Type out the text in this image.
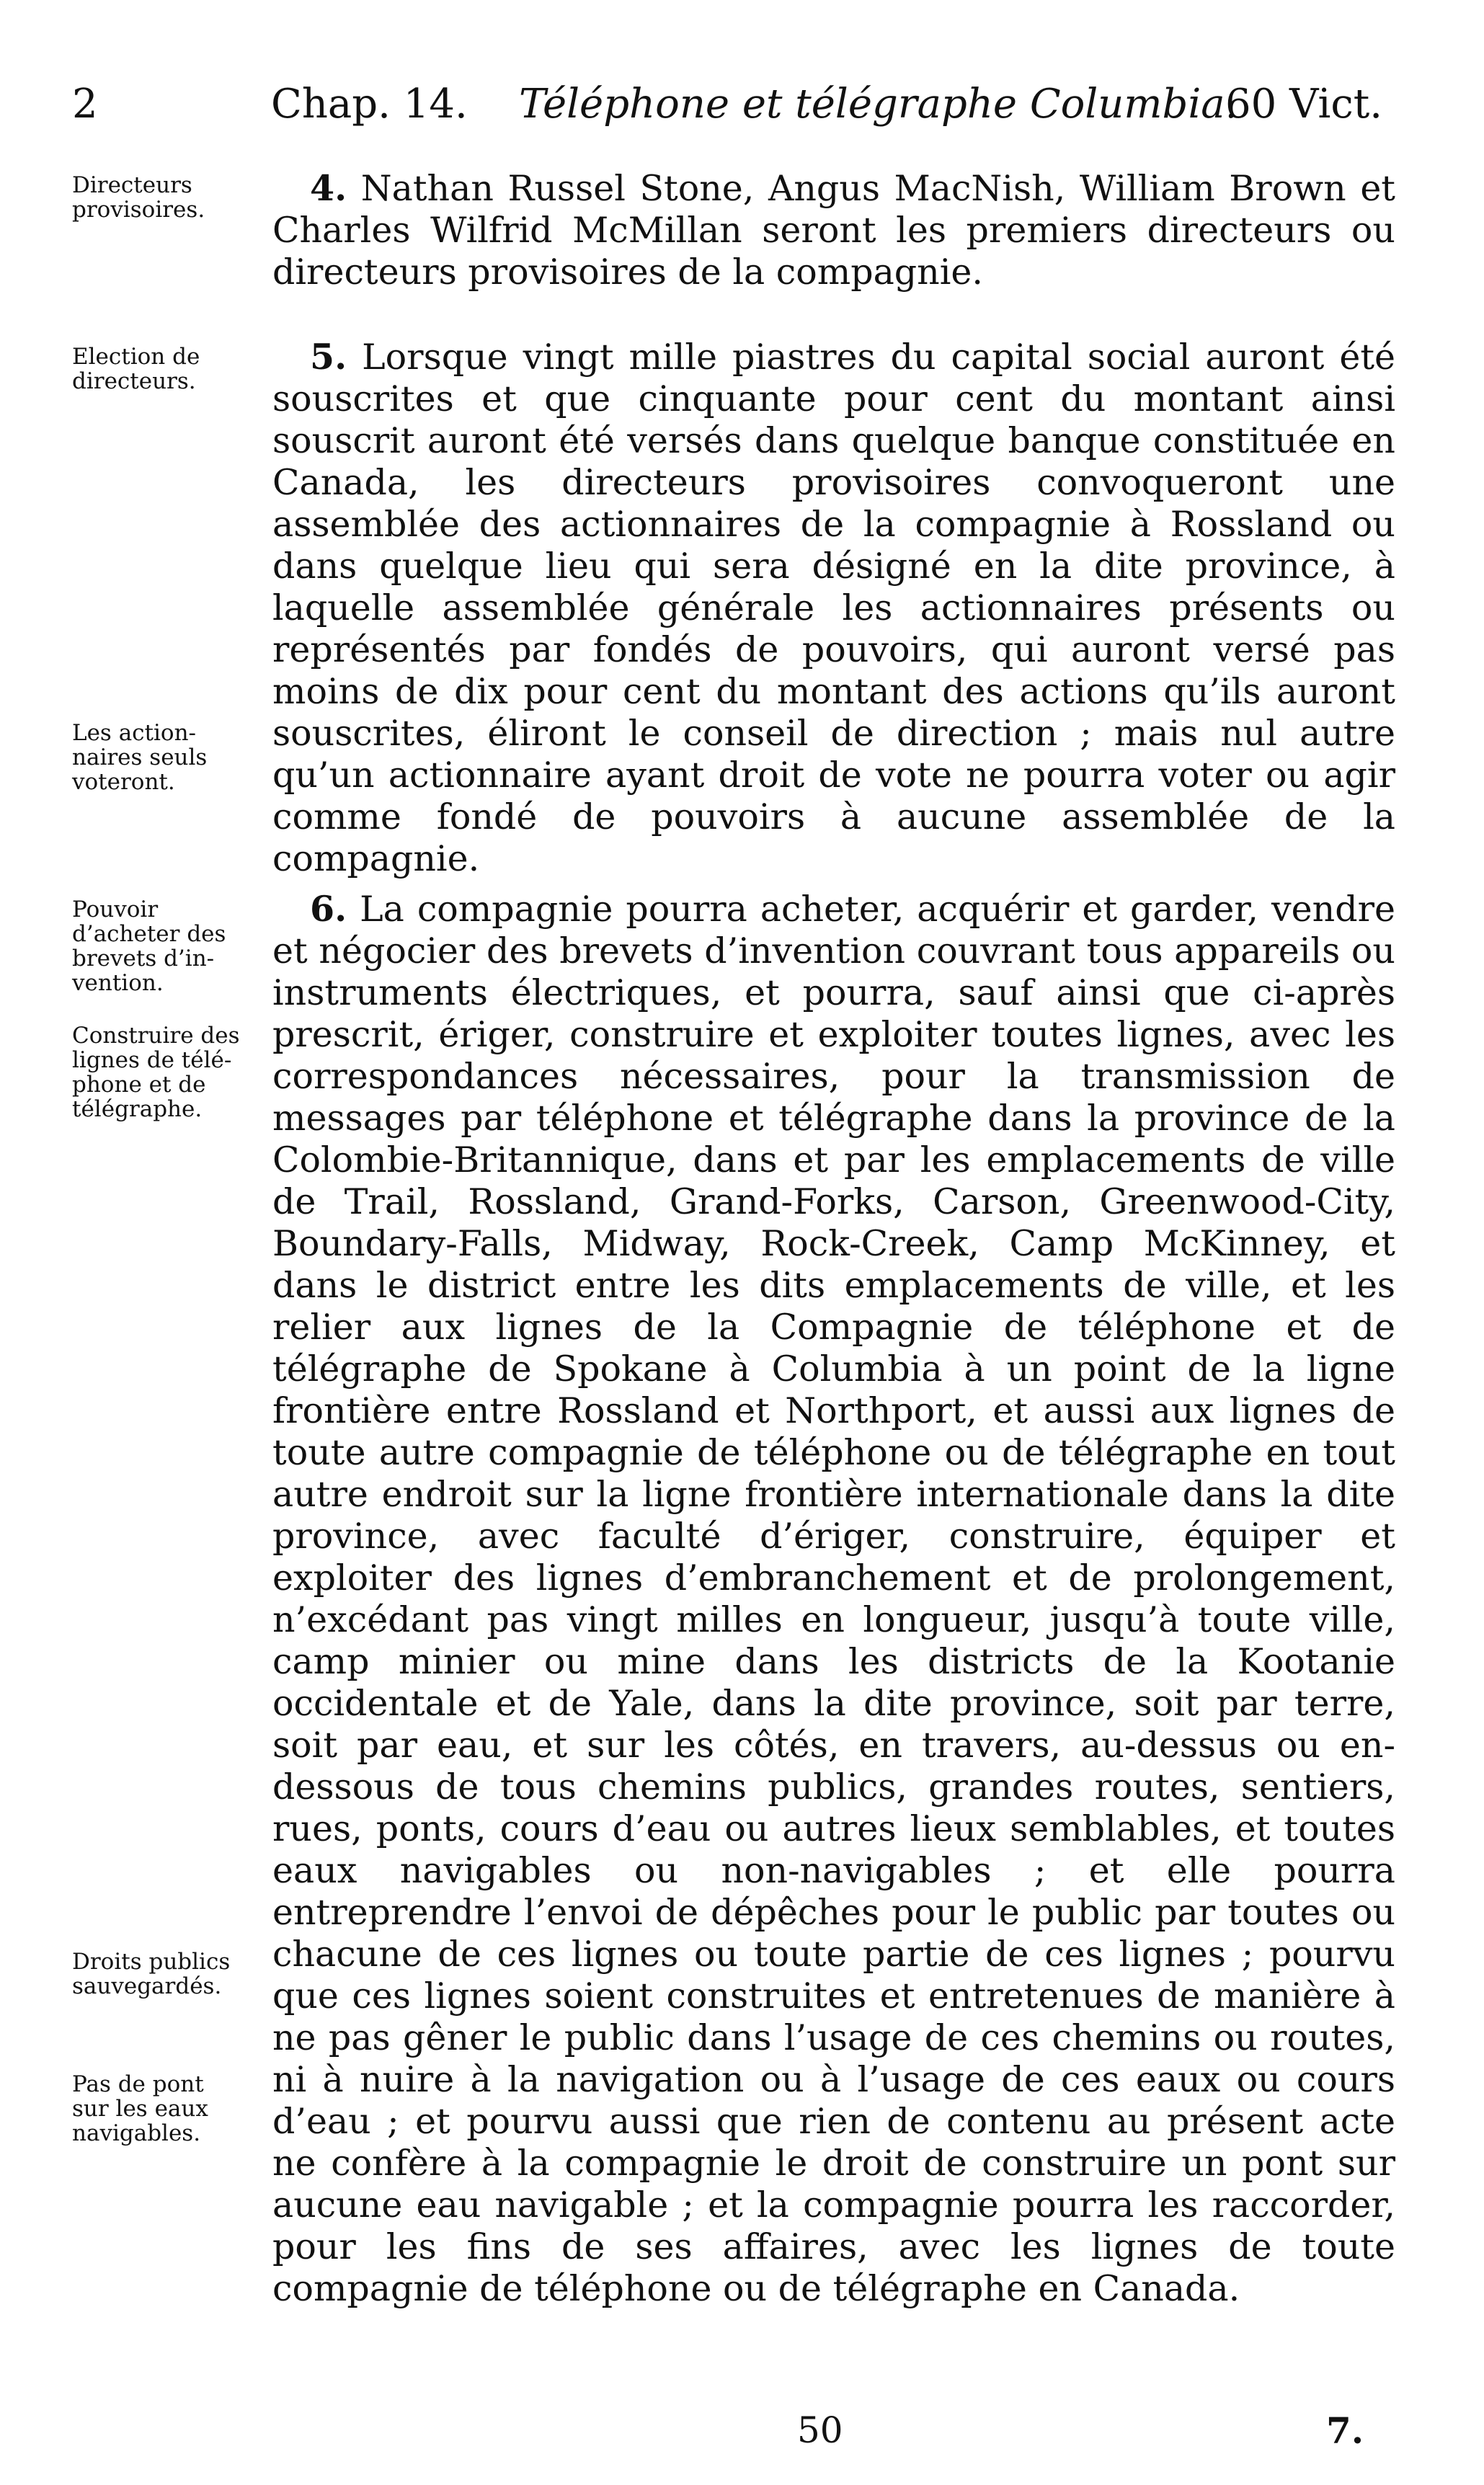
2	Chap. 14. Téléphone et télégraphe Columbia.
60 Vict.
Directeurs
provisoires.
Election de
directeurs.
Les action-
naires seuls
voteront.
Pouvoir
d’acheter des
brevets d’in-
vention.
Construire des
lignes de télé-
phone et de
télégraphe.
Droits publics
sauvegardés.
Pas de pont
sur les eaux
navigables.

4. Nathan Russel Stone, Angus MacNish, William Brown et Charles Wilfrid McMillan seront les premiers directeurs ou directeurs provisoires de la compagnie.

5. Lorsque vingt mille piastres du capital social auront été souscrites et que cinquante pour cent du montant ainsi souscrit auront été versés dans quelque banque constituée en Canada, les directeurs provisoires convoqueront une assemblée des actionnaires de la compagnie à Rossland ou dans quelque lieu qui sera désigné en la dite province, à laquelle assemblée générale les actionnaires présents ou représentés par fondés de pouvoirs, qui auront versé pas moins de dix pour cent du montant des actions qu’ils auront souscrites, éliront le conseil de direction ; mais nul autre qu’un actionnaire ayant droit de vote ne pourra voter ou agir comme fondé de pouvoirs à aucune assemblée de la compagnie.

6. La compagnie pourra acheter, acquérir et garder, vendre et négocier des brevets d’invention couvrant tous appareils ou instruments électriques, et pourra, sauf ainsi que ci-après prescrit, ériger, construire et exploiter toutes lignes, avec les correspondances nécessaires, pour la transmission de messages par téléphone et télégraphe dans la province de la Colombie-Britannique, dans et par les emplacements de ville de Trail, Rossland, Grand-Forks, Carson, Greenwood-City, Boundary-Falls, Midway, Rock-Creek, Camp McKinney, et dans le district entre les dits emplacements de ville, et les relier aux lignes de la Compagnie de téléphone et de télégraphe de Spokane à Columbia à un point de la ligne frontière entre Rossland et Northport, et aussi aux lignes de toute autre compagnie de téléphone ou de télégraphe en tout autre endroit sur la ligne frontière internationale dans la dite province, avec faculté d’ériger, construire, équiper et exploiter des lignes d’embranchement et de prolongement, n’excédant pas vingt milles en longueur, jusqu’à toute ville, camp minier ou mine dans les districts de la Kootanie occidentale et de Yale, dans la dite province, soit par terre, soit par eau, et sur les côtés, en travers, au-dessus ou en-dessous de tous chemins publics, grandes routes, sentiers, rues, ponts, cours d’eau ou autres lieux semblables, et toutes eaux navigables ou non-navigables ; et elle pourra entreprendre l’envoi de dépêches pour le public par toutes ou chacune de ces lignes ou toute partie de ces lignes ; pourvu que ces lignes soient construites et entretenues de manière à ne pas gêner le public dans l’usage de ces chemins ou routes, ni à nuire à la navigation ou à l’usage de ces eaux ou cours d’eau ; et pourvu aussi que rien de contenu au présent acte ne confère à la compagnie le droit de construire un pont sur aucune eau navigable ; et la compagnie pourra les raccorder, pour les fins de ses affaires, avec les lignes de toute compagnie de téléphone ou de télégraphe en Canada.

50	7.
